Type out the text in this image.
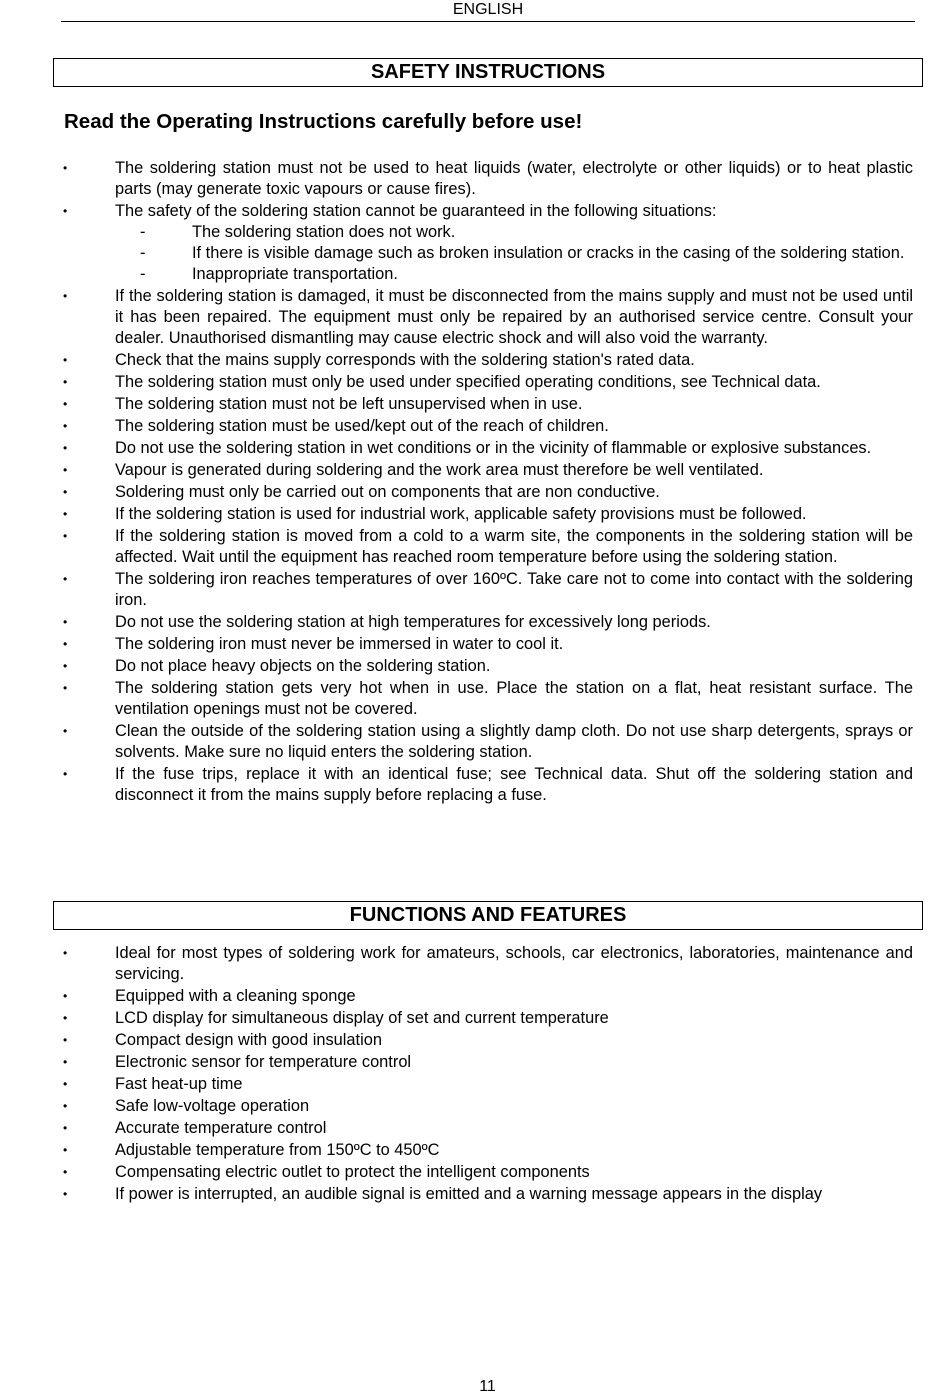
ENGLISH
SAFETY INSTRUCTIONS
Read the Operating Instructions carefully before use!
•	The soldering station must not be used to heat liquids (water, electrolyte or other liquids) or to heat plastic parts (may generate toxic vapours or cause fires).
•	The safety of the soldering station cannot be guaranteed in the following situations:
-	The soldering station does not work.
-	If there is visible damage such as broken insulation or cracks in the casing of the soldering station.
-	Inappropriate transportation.
•	If the soldering station is damaged, it must be disconnected from the mains supply and must not be used until it has been repaired. The equipment must only be repaired by an authorised service centre. Consult your dealer. Unauthorised dismantling may cause electric shock and will also void the warranty.
•	Check that the mains supply corresponds with the soldering station's rated data.
•	The soldering station must only be used under specified operating conditions, see Technical data.
•	The soldering station must not be left unsupervised when in use.
•	The soldering station must be used/kept out of the reach of children.
•	Do not use the soldering station in wet conditions or in the vicinity of flammable or explosive substances.
•	Vapour is generated during soldering and the work area must therefore be well ventilated.
•	Soldering must only be carried out on components that are non conductive.
•	If the soldering station is used for industrial work, applicable safety provisions must be followed.
•	If the soldering station is moved from a cold to a warm site, the components in the soldering station will be affected. Wait until the equipment has reached room temperature before using the soldering station.
•	The soldering iron reaches temperatures of over 160ºC. Take care not to come into contact with the soldering iron.
•	Do not use the soldering station at high temperatures for excessively long periods.
•	The soldering iron must never be immersed in water to cool it.
•	Do not place heavy objects on the soldering station.
•	The soldering station gets very hot when in use. Place the station on a flat, heat resistant surface. The ventilation openings must not be covered.
•	Clean the outside of the soldering station using a slightly damp cloth. Do not use sharp detergents, sprays or solvents. Make sure no liquid enters the soldering station.
•	If the fuse trips, replace it with an identical fuse; see Technical data. Shut off the soldering station and disconnect it from the mains supply before replacing a fuse.
FUNCTIONS AND FEATURES
•	Ideal for most types of soldering work for amateurs, schools, car electronics, laboratories, maintenance and servicing.
•	Equipped with a cleaning sponge
•	LCD display for simultaneous display of set and current temperature
•	Compact design with good insulation
•	Electronic sensor for temperature control
•	Fast heat-up time
•	Safe low-voltage operation
•	Accurate temperature control
•	Adjustable temperature from 150ºC to 450ºC
•	Compensating electric outlet to protect the intelligent components
•	If power is interrupted, an audible signal is emitted and a warning message appears in the display
11
